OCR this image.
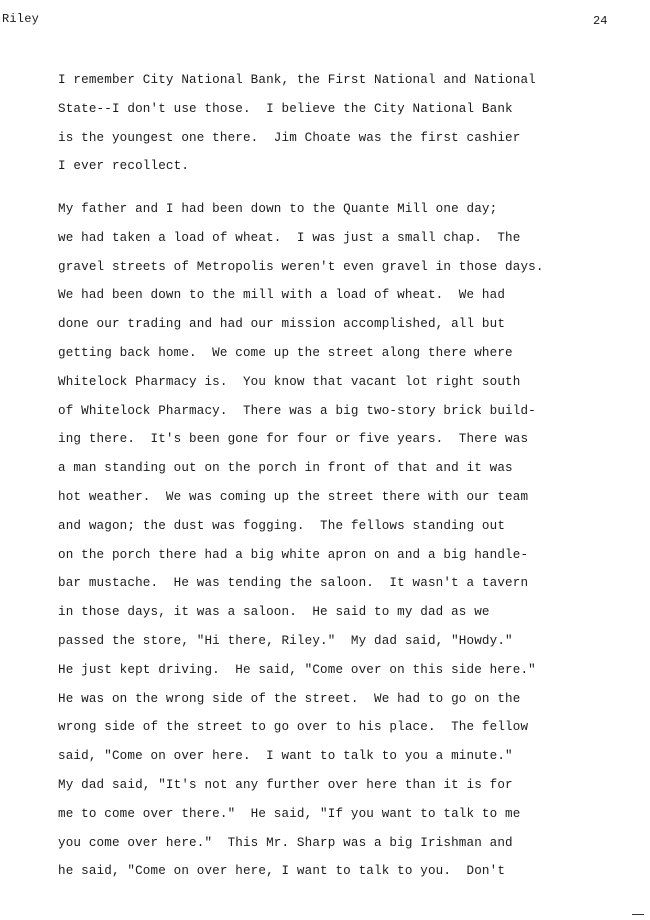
Riley	24
I remember City National Bank, the First National and National
State--I don't use those.  I believe the City National Bank
is the youngest one there.  Jim Choate was the first cashier
I ever recollect.
My father and I had been down to the Quante Mill one day;
we had taken a load of wheat.  I was just a small chap.  The
gravel streets of Metropolis weren't even gravel in those days.
We had been down to the mill with a load of wheat.  We had
done our trading and had our mission accomplished, all but
getting back home.  We come up the street along there where
Whitelock Pharmacy is.  You know that vacant lot right south
of Whitelock Pharmacy.  There was a big two-story brick build-
ing there.  It's been gone for four or five years.  There was
a man standing out on the porch in front of that and it was
hot weather.  We was coming up the street there with our team
and wagon; the dust was fogging.  The fellows standing out
on the porch there had a big white apron on and a big handle-
bar mustache.  He was tending the saloon.  It wasn't a tavern
in those days, it was a saloon.  He said to my dad as we
passed the store, "Hi there, Riley."  My dad said, "Howdy."
He just kept driving.  He said, "Come over on this side here."
He was on the wrong side of the street.  We had to go on the
wrong side of the street to go over to his place.  The fellow
said, "Come on over here.  I want to talk to you a minute."
My dad said, "It's not any further over here than it is for
me to come over there."  He said, "If you want to talk to me
you come over here."  This Mr. Sharp was a big Irishman and
he said, "Come on over here, I want to talk to you.  Don't
